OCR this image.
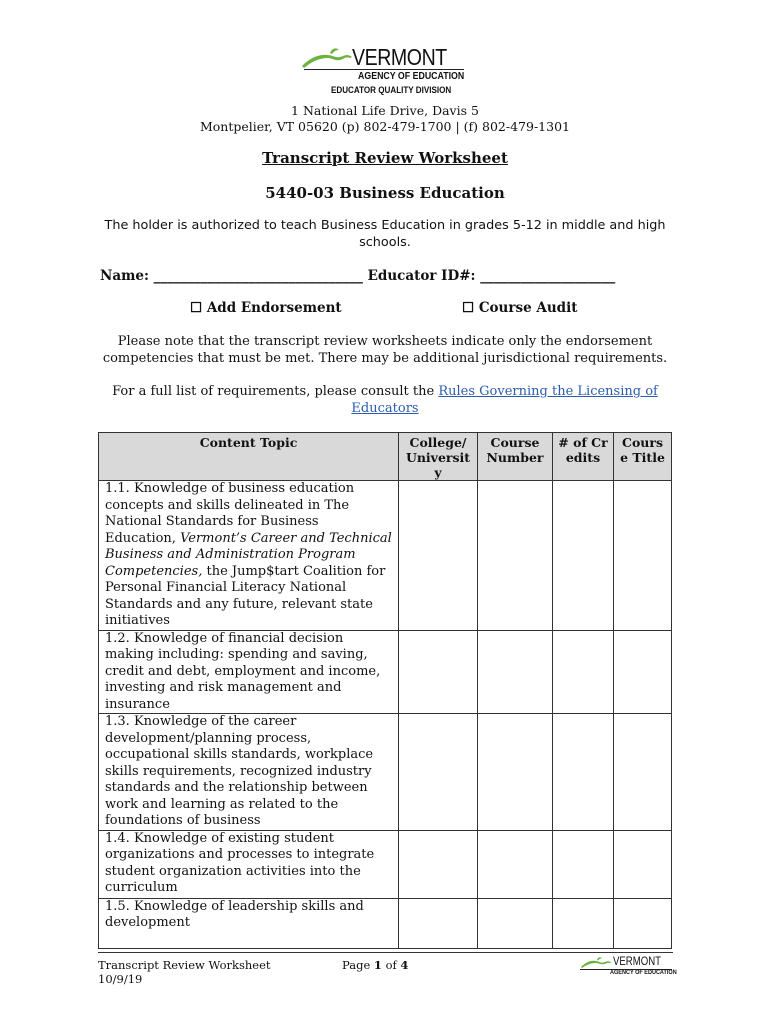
VERMONT
AGENCY OF EDUCATION
EDUCATOR QUALITY DIVISION
1 National Life Drive, Davis 5
Montpelier, VT 05620 (p) 802-479-1700 | (f) 802-479-1301
Transcript Review Worksheet
5440-03 Business Education
The holder is authorized to teach Business Education in grades 5-12 in middle and high schools.
Name: _______________________________ Educator ID#: ____________________
☐ Add Endorsement	☐ Course Audit
Please note that the transcript review worksheets indicate only the endorsement competencies that must be met. There may be additional jurisdictional requirements.
For a full list of requirements, please consult the Rules Governing the Licensing of Educators
Content Topic	College/ University	Course Number	# of Credits	Course Title
1.1. Knowledge of business education concepts and skills delineated in The National Standards for Business Education, Vermont’s Career and Technical Business and Administration Program Competencies, the Jump$tart Coalition for Personal Financial Literacy National Standards and any future, relevant state initiatives				
1.2. Knowledge of financial decision making including: spending and saving, credit and debt, employment and income, investing and risk management and insurance				
1.3. Knowledge of the career development/planning process, occupational skills standards, workplace skills requirements, recognized industry standards and the relationship between work and learning as related to the foundations of business				
1.4. Knowledge of existing student organizations and processes to integrate student organization activities into the curriculum				
1.5. Knowledge of leadership skills and development				
Transcript Review Worksheet
10/9/19
Page 1 of 4	VERMONT
AGENCY OF EDUCATION
